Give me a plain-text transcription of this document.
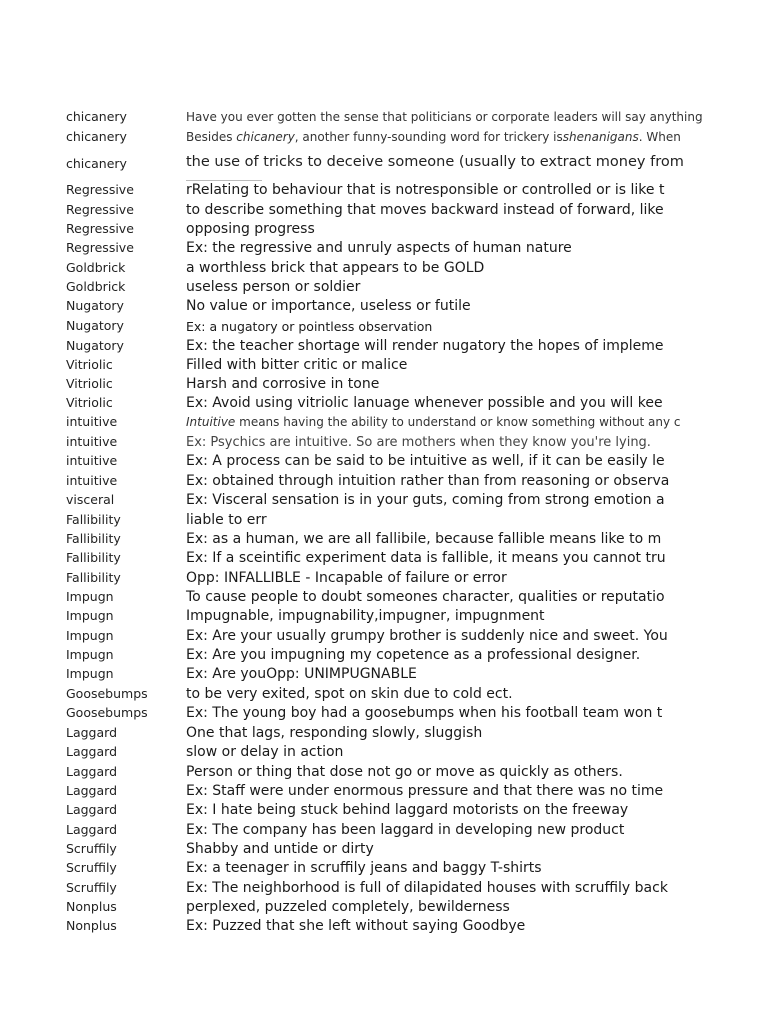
chicanery	Have you ever gotten the sense that politicians or corporate leaders will say anything
chicanery	Besides chicanery, another funny-sounding word for trickery isshenanigans. When
chicanery	the use of tricks to deceive someone (usually to extract money from
Regressive	rRelating to behaviour that is notresponsible or controlled or is like t
Regressive	to describe something that moves backward instead of forward, like
Regressive	opposing progress
Regressive	Ex: the regressive and unruly aspects of human nature
Goldbrick	a worthless brick that appears to be GOLD
Goldbrick	useless person or soldier
Nugatory	No value or importance, useless or futile
Nugatory	Ex: a nugatory or pointless observation
Nugatory	Ex: the teacher shortage will render nugatory the hopes of impleme
Vitriolic	Filled with bitter critic or malice
Vitriolic	Harsh and corrosive in tone
Vitriolic	Ex: Avoid using vitriolic lanuage whenever possible and you will kee
intuitive	Intuitive means having the ability to understand or know something without any c
intuitive	Ex: Psychics are intuitive. So are mothers when they know you're lying.
intuitive	Ex: A process can be said to be intuitive as well, if it can be easily le
intuitive	Ex: obtained through intuition rather than from reasoning or observa
visceral	Ex: Visceral sensation is in your guts, coming from strong emotion a
Fallibility	liable to err
Fallibility	Ex: as a human, we are all fallibile, because fallible means like to m
Fallibility	Ex: If a sceintific experiment data is fallible, it means you cannot tru
Fallibility	Opp: INFALLIBLE - Incapable of failure or error
Impugn	To cause people to doubt someones character, qualities or reputatio
Impugn	Impugnable, impugnability,impugner, impugnment
Impugn	Ex: Are your usually grumpy brother is suddenly nice and sweet. You
Impugn	Ex: Are you impugning my copetence as a professional designer.
Impugn	Ex: Are youOpp: UNIMPUGNABLE
Goosebumps	to be very exited, spot on skin due to cold ect.
Goosebumps	Ex: The young boy had a goosebumps when his football team won t
Laggard	One that lags, responding slowly, sluggish
Laggard	slow or delay in action
Laggard	Person or thing that dose not go or move as quickly as others.
Laggard	Ex: Staff were under enormous pressure and that there was no time
Laggard	Ex: I hate being stuck behind laggard motorists on the freeway
Laggard	Ex: The company has been laggard in developing new product
Scruffily	Shabby and untide or dirty
Scruffily	Ex: a teenager in scruffily jeans and baggy T-shirts
Scruffily	Ex: The neighborhood is full of dilapidated houses with scruffily back
Nonplus	perplexed, puzzeled completely, bewilderness
Nonplus	Ex: Puzzed that she left without saying Goodbye
